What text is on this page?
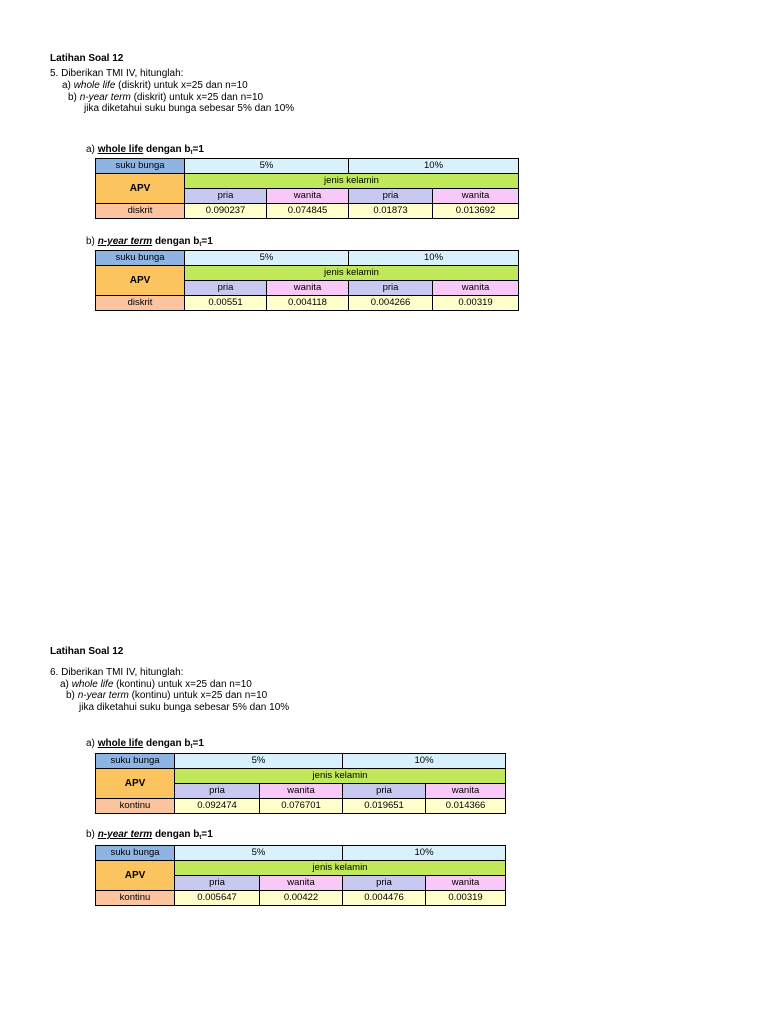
Latihan Soal 12
5. Diberikan TMI IV, hitunglah:
a) whole life (diskrit) untuk x=25 dan n=10
b) n-year term (diskrit) untuk x=25 dan n=10
jika diketahui suku bunga sebesar 5% dan 10%
a) whole life dengan $b_t=1$
suku bunga	5%		10%	
APV	jenis kelamin			
	pria	wanita	pria	wanita
diskrit	0.090237	0.074845	0.01873	0.013692
b) n-year term dengan $b_t=1$
suku bunga	5%		10%	
APV	jenis kelamin			
	pria	wanita	pria	wanita
diskrit	0.00551	0.004118	0.004266	0.00319
Latihan Soal 12
6. Diberikan TMI IV, hitunglah:
a) whole life (kontinu) untuk x=25 dan n=10
b) n-year term (kontinu) untuk x=25 dan n=10
jika diketahui suku bunga sebesar 5% dan 10%
a) whole life dengan $b_t=1$
suku bunga	5%		10%	
APV	jenis kelamin			
	pria	wanita	pria	wanita
kontinu	0.092474	0.076701	0.019651	0.014366
b) n-year term dengan $b_t=1$
suku bunga	5%		10%	
APV	jenis kelamin			
	pria	wanita	pria	wanita
kontinu	0.005647	0.00422	0.004476	0.00319
